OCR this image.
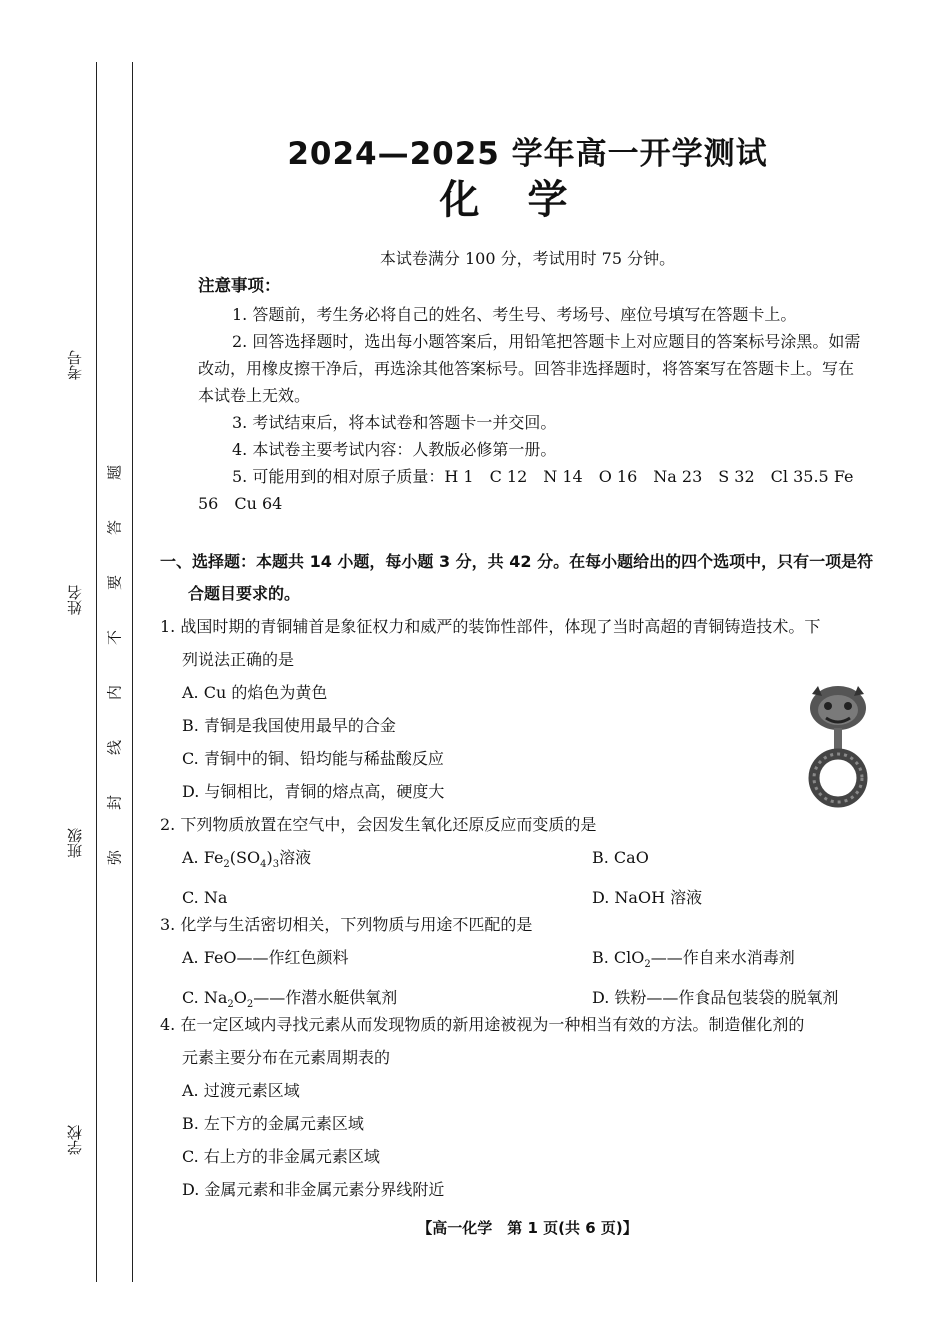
考号
姓名
班级
学校
题
答
要
不
内
线
封
弥
2024—2025 学年高一开学测试
化学
本试卷满分 100 分，考试用时 75 分钟。
注意事项：

1. 答题前，考生务必将自己的姓名、考生号、考场号、座位号填写在答题卡上。

2. 回答选择题时，选出每小题答案后，用铅笔把答题卡上对应题目的答案标号涂黑。如需改动，用橡皮擦干净后，再选涂其他答案标号。回答非选择题时，将答案写在答题卡上。写在本试卷上无效。

3. 考试结束后，将本试卷和答题卡一并交回。

4. 本试卷主要考试内容：人教版必修第一册。

5. 可能用到的相对原子质量：H 1　C 12　N 14　O 16　Na 23　S 32　Cl 35.5 Fe 56　Cu 64

一、选择题：本题共 14 小题，每小题 3 分，共 42 分。在每小题给出的四个选项中，只有一项是符
合题目要求的。
1. 战国时期的青铜辅首是象征权力和威严的装饰性部件，体现了当时高超的青铜铸造技术。下
列说法正确的是
A. Cu 的焰色为黄色
B. 青铜是我国使用最早的合金
C. 青铜中的铜、铅均能与稀盐酸反应
D. 与铜相比，青铜的熔点高，硬度大
2. 下列物质放置在空气中，会因发生氧化还原反应而变质的是
A. $Fe_2(SO_4)_3$溶液	B. CaO
C. Na	D. NaOH 溶液
3. 化学与生活密切相关，下列物质与用途不匹配的是
A. FeO——作红色颜料	B. ClO$_2$——作自来水消毒剂
C. $Na_2O_2——$作潜水艇供氧剂	D. 铁粉——作食品包装袋的脱氧剂
4. 在一定区域内寻找元素从而发现物质的新用途被视为一种相当有效的方法。制造催化剂的
元素主要分布在元素周期表的
A. 过渡元素区域
B. 左下方的金属元素区域
C. 右上方的非金属元素区域
D. 金属元素和非金属元素分界线附近
【高一化学　第 1 页(共 6 页)】
